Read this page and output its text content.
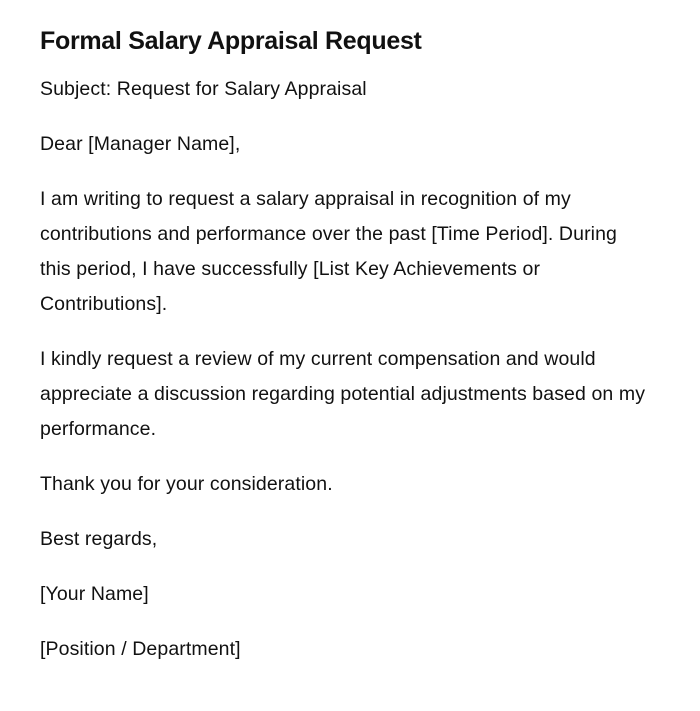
Formal Salary Appraisal Request

Subject: Request for Salary Appraisal

Dear [Manager Name],

I am writing to request a salary appraisal in recognition of my contributions and performance over the past [Time Period]. During this period, I have successfully [List Key Achievements or Contributions].

I kindly request a review of my current compensation and would appreciate a discussion regarding potential adjustments based on my performance.

Thank you for your consideration.

Best regards,

[Your Name]

[Position / Department]
